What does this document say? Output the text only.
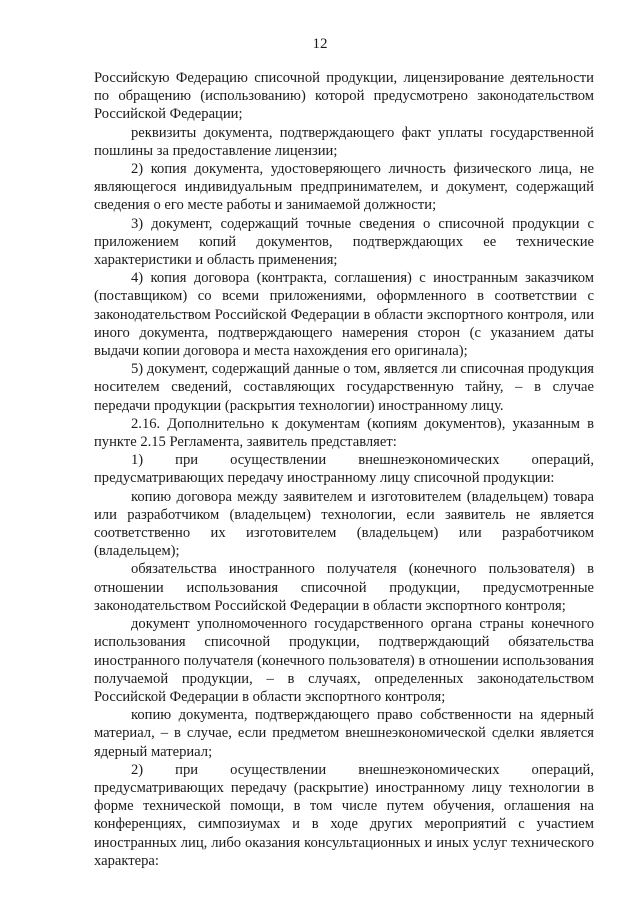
12

Российскую Федерацию списочной продукции, лицензирование деятельности по обращению (использованию) которой предусмотрено законодательством Российской Федерации;

реквизиты документа, подтверждающего факт уплаты государственной пошлины за предоставление лицензии;

2) копия документа, удостоверяющего личность физического лица, не являющегося индивидуальным предпринимателем, и документ, содержащий сведения о его месте работы и занимаемой должности;

3) документ, содержащий точные сведения о списочной продукции с приложением копий документов, подтверждающих ее технические характеристики и область применения;

4) копия договора (контракта, соглашения) с иностранным заказчиком (поставщиком) со всеми приложениями, оформленного в соответствии с законодательством Российской Федерации в области экспортного контроля, или иного документа, подтверждающего намерения сторон (с указанием даты выдачи копии договора и места нахождения его оригинала);

5) документ, содержащий данные о том, является ли списочная продукция носителем сведений, составляющих государственную тайну, – в случае передачи продукции (раскрытия технологии) иностранному лицу.

2.16. Дополнительно к документам (копиям документов), указанным в пункте 2.15 Регламента, заявитель представляет:

1) при осуществлении внешнеэкономических операций, предусматривающих передачу иностранному лицу списочной продукции:

копию договора между заявителем и изготовителем (владельцем) товара или разработчиком (владельцем) технологии, если заявитель не является соответственно их изготовителем (владельцем) или разработчиком (владельцем);

обязательства иностранного получателя (конечного пользователя) в отношении использования списочной продукции, предусмотренные законодательством Российской Федерации в области экспортного контроля;

документ уполномоченного государственного органа страны конечного использования списочной продукции, подтверждающий обязательства иностранного получателя (конечного пользователя) в отношении использования получаемой продукции, – в случаях, определенных законодательством Российской Федерации в области экспортного контроля;

копию документа, подтверждающего право собственности на ядерный материал, – в случае, если предметом внешнеэкономической сделки является ядерный материал;

2) при осуществлении внешнеэкономических операций, предусматривающих передачу (раскрытие) иностранному лицу технологии в форме технической помощи, в том числе путем обучения, оглашения на конференциях, симпозиумах и в ходе других мероприятий с участием иностранных лиц, либо оказания консультационных и иных услуг технического характера:
